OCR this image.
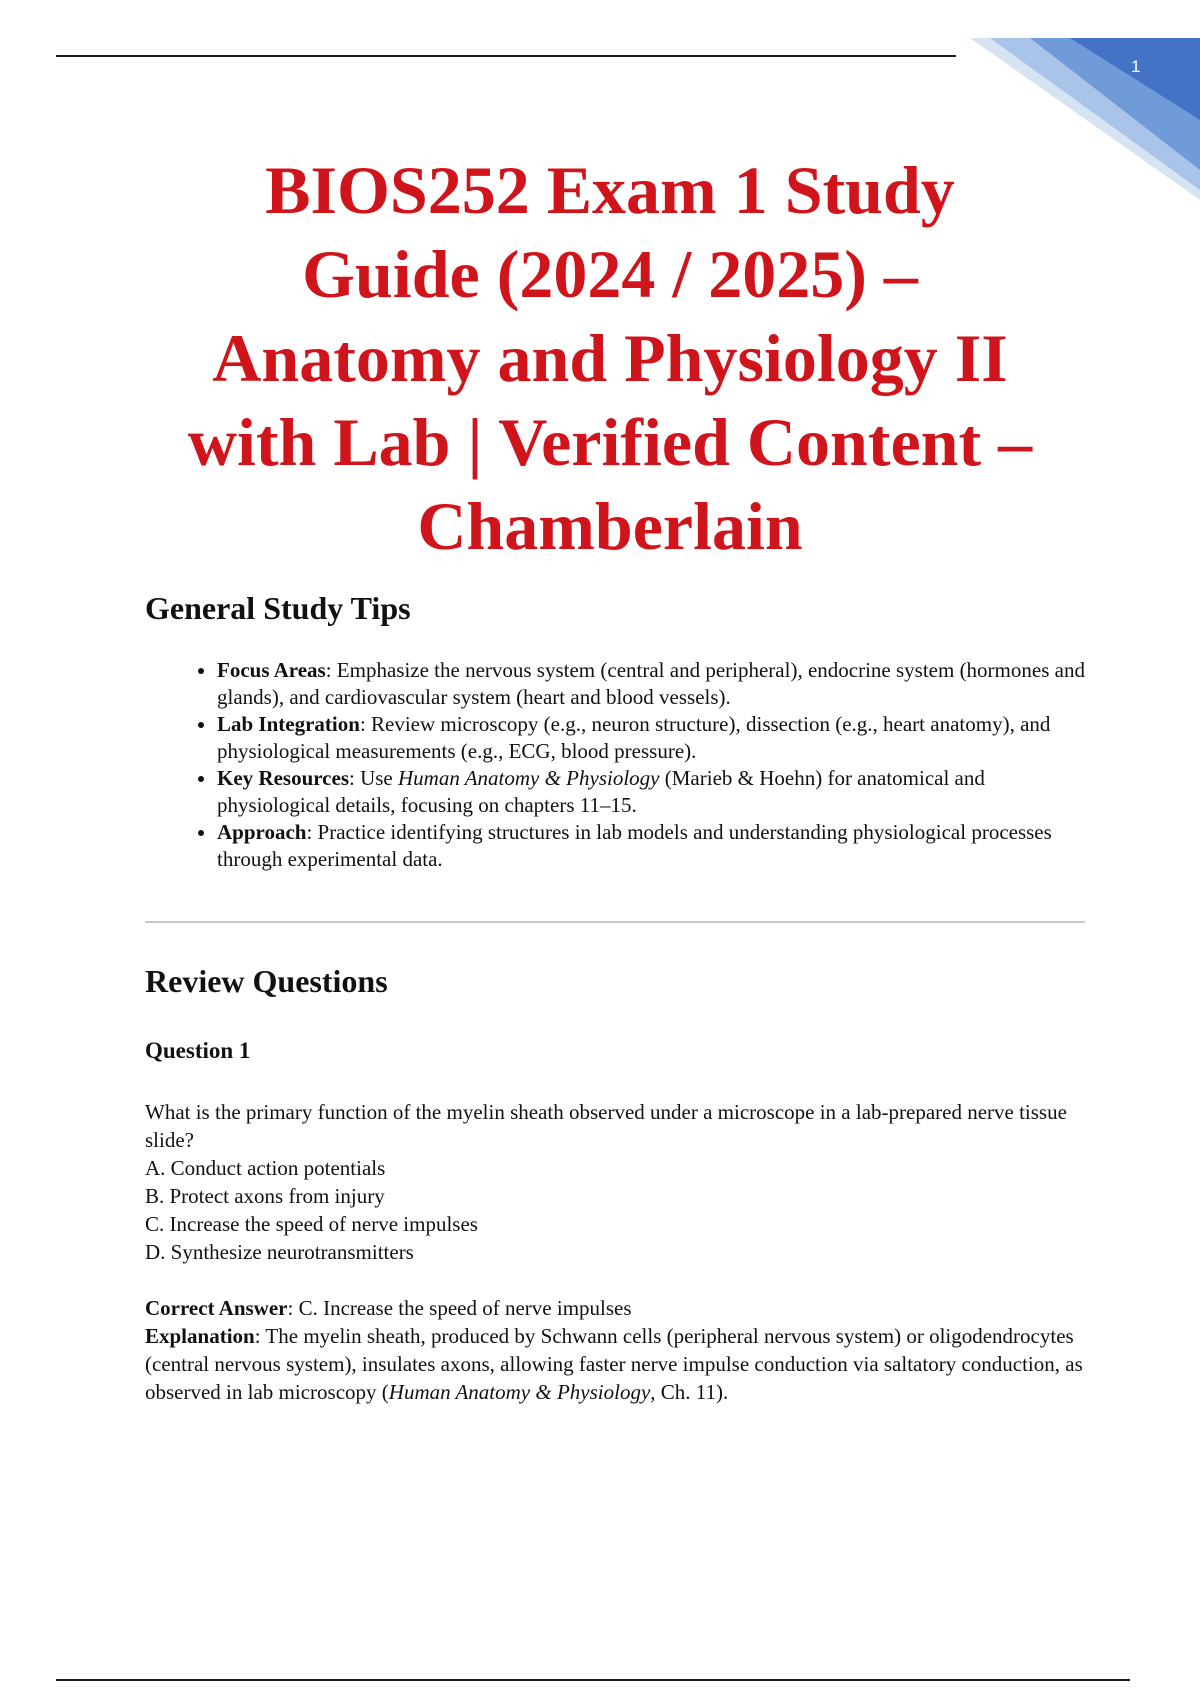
1
BIOS252 Exam 1 Study
Guide (2024 / 2025) –
Anatomy and Physiology II
with Lab | Verified Content –
Chamberlain
General Study Tips
• Focus Areas: Emphasize the nervous system (central and peripheral), endocrine system (hormones and glands), and cardiovascular system (heart and blood vessels).
• Lab Integration: Review microscopy (e.g., neuron structure), dissection (e.g., heart anatomy), and physiological measurements (e.g., ECG, blood pressure).
• Key Resources: Use Human Anatomy & Physiology (Marieb & Hoehn) for anatomical and physiological details, focusing on chapters 11–15.
• Approach: Practice identifying structures in lab models and understanding physiological processes through experimental data.
Review Questions
Question 1
What is the primary function of the myelin sheath observed under a microscope in a lab-prepared nerve tissue slide?
A. Conduct action potentials
B. Protect axons from injury
C. Increase the speed of nerve impulses
D. Synthesize neurotransmitters
Correct Answer: C. Increase the speed of nerve impulses
Explanation: The myelin sheath, produced by Schwann cells (peripheral nervous system) or oligodendrocytes (central nervous system), insulates axons, allowing faster nerve impulse conduction via saltatory conduction, as observed in lab microscopy (Human Anatomy & Physiology, Ch. 11).
